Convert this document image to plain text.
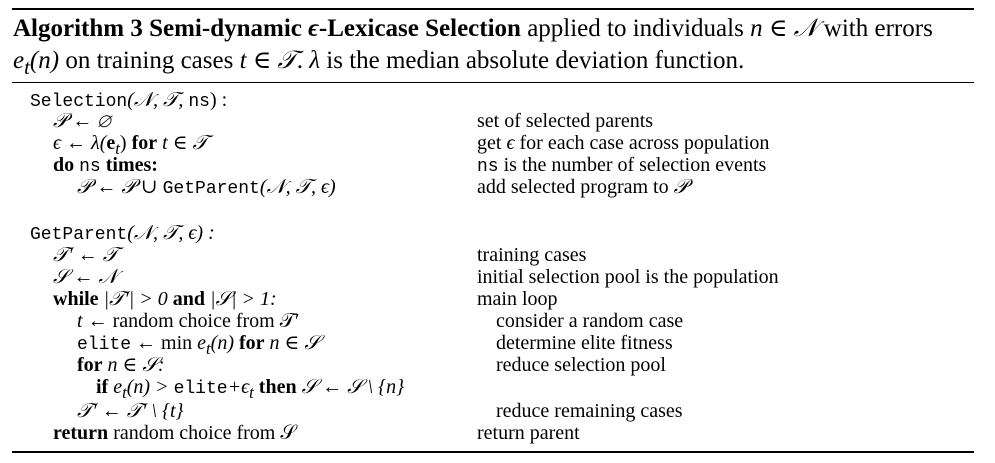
Algorithm 3 Semi-dynamic ϵ-Lexicase Selection applied to individuals n ∈ 𝒩 with errors $e_t(n)$ on training cases t ∈ 𝒯. λ is the median absolute deviation function.
Selection(𝒩, 𝒯, ns) :
𝒫 ← ∅
ϵ ← $\lambda(e_t)$ for t ∈ 𝒯
do ns times:
𝒫 ← 𝒫 ∪ GetParent(𝒩, 𝒯, ϵ)
set of selected parents
get ϵ for each case across population
ns is the number of selection events
add selected program to 𝒫
GetParent(𝒩, 𝒯, ϵ) :
𝒯′ ← 𝒯
𝒮 ← 𝒩
while |𝒯′| > 0 and |𝒮| > 1:
t ← random choice from 𝒯′
elite ← $\min e_t(n)$ for n ∈ 𝒮
for n ∈ 𝒮:
if $e_t(n)$ > $elite+\epsilon_t$ then 𝒮 ← 𝒮 \ {n}
𝒯′ ← 𝒯′ \ {t}
return random choice from 𝒮
training cases
initial selection pool is the population
main loop
consider a random case
determine elite fitness
reduce selection pool
reduce remaining cases
return parent
